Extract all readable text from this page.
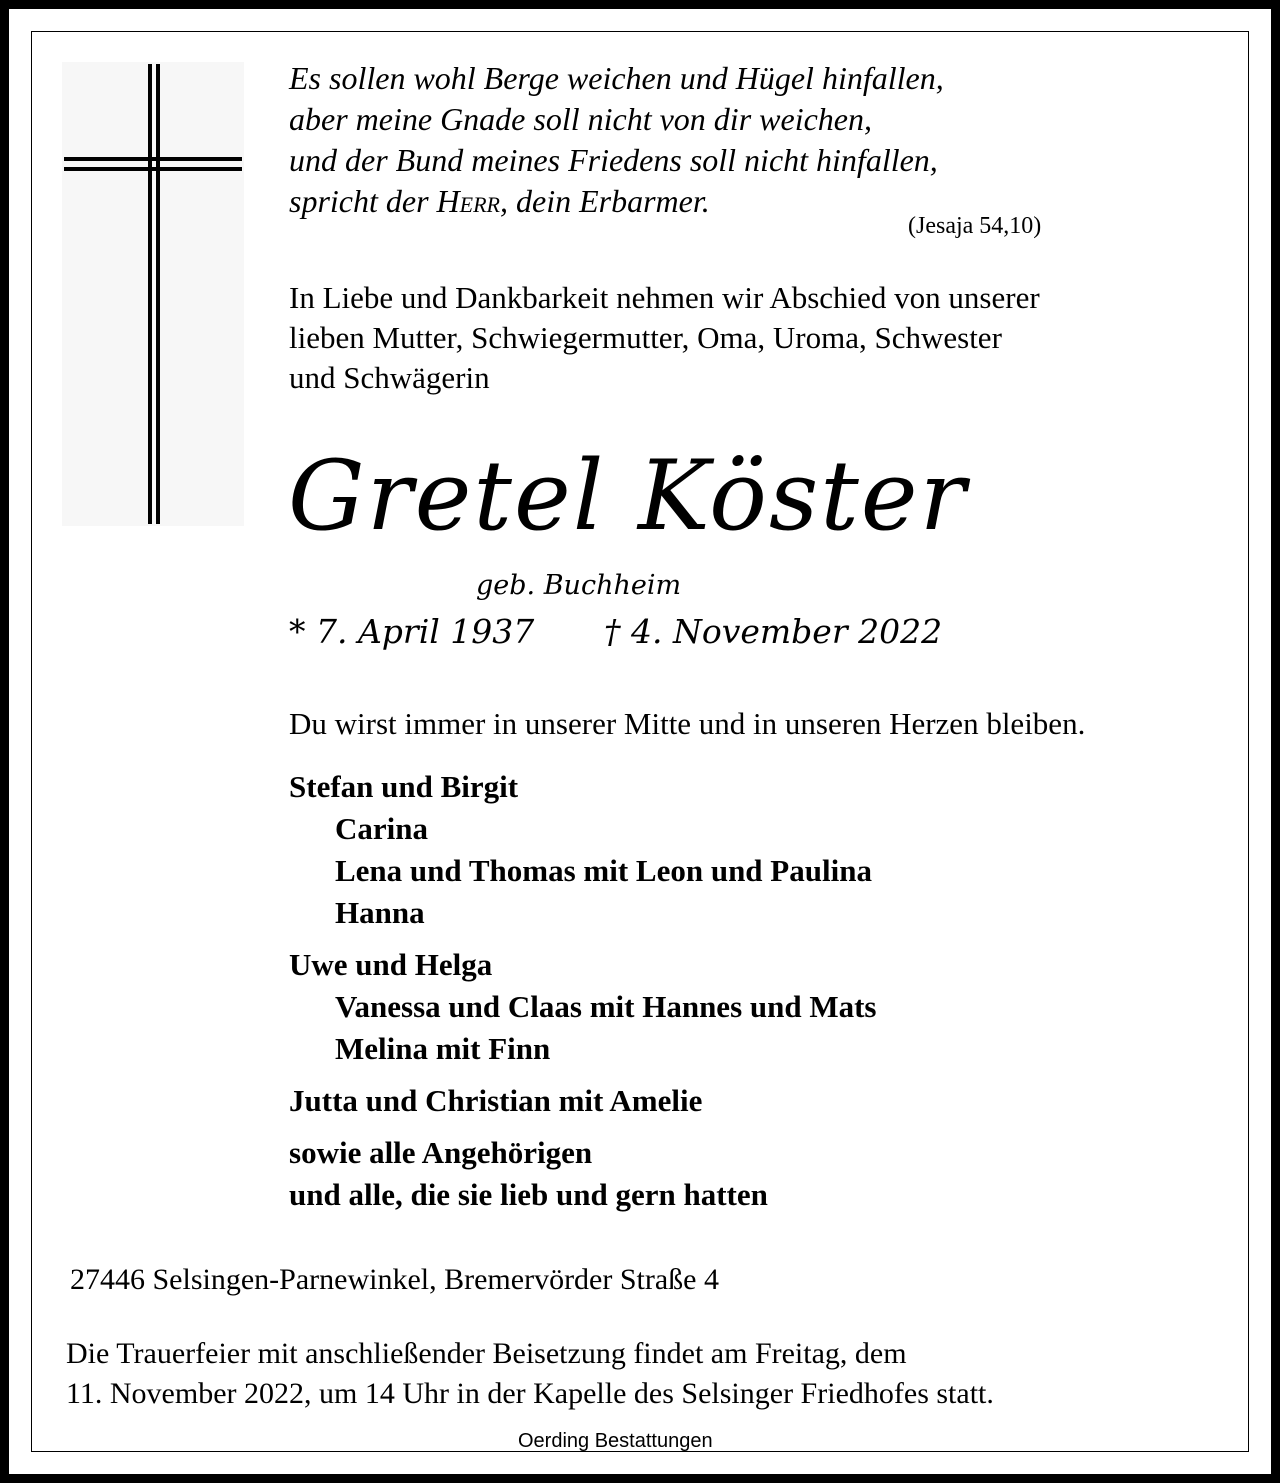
Es sollen wohl Berge weichen und Hügel hinfallen,
aber meine Gnade soll nicht von dir weichen,
und der Bund meines Friedens soll nicht hinfallen,
spricht der Herr, dein Erbarmer.
(Jesaja 54,10)
In Liebe und Dankbarkeit nehmen wir Abschied von unserer
lieben Mutter, Schwiegermutter, Oma, Uroma, Schwester
und Schwägerin
Gretel Köster
geb. Buchheim
* 7. April 1937 † 4. November 2022
Du wirst immer in unserer Mitte und in unseren Herzen bleiben.
Stefan und Birgit
Carina
Lena und Thomas mit Leon und Paulina
Hanna
Uwe und Helga
Vanessa und Claas mit Hannes und Mats
Melina mit Finn
Jutta und Christian mit Amelie
sowie alle Angehörigen
und alle, die sie lieb und gern hatten
27446 Selsingen-Parnewinkel, Bremervörder Straße 4
Die Trauerfeier mit anschließender Beisetzung findet am Freitag, dem
11. November 2022, um 14 Uhr in der Kapelle des Selsinger Friedhofes statt.
Oerding Bestattungen
